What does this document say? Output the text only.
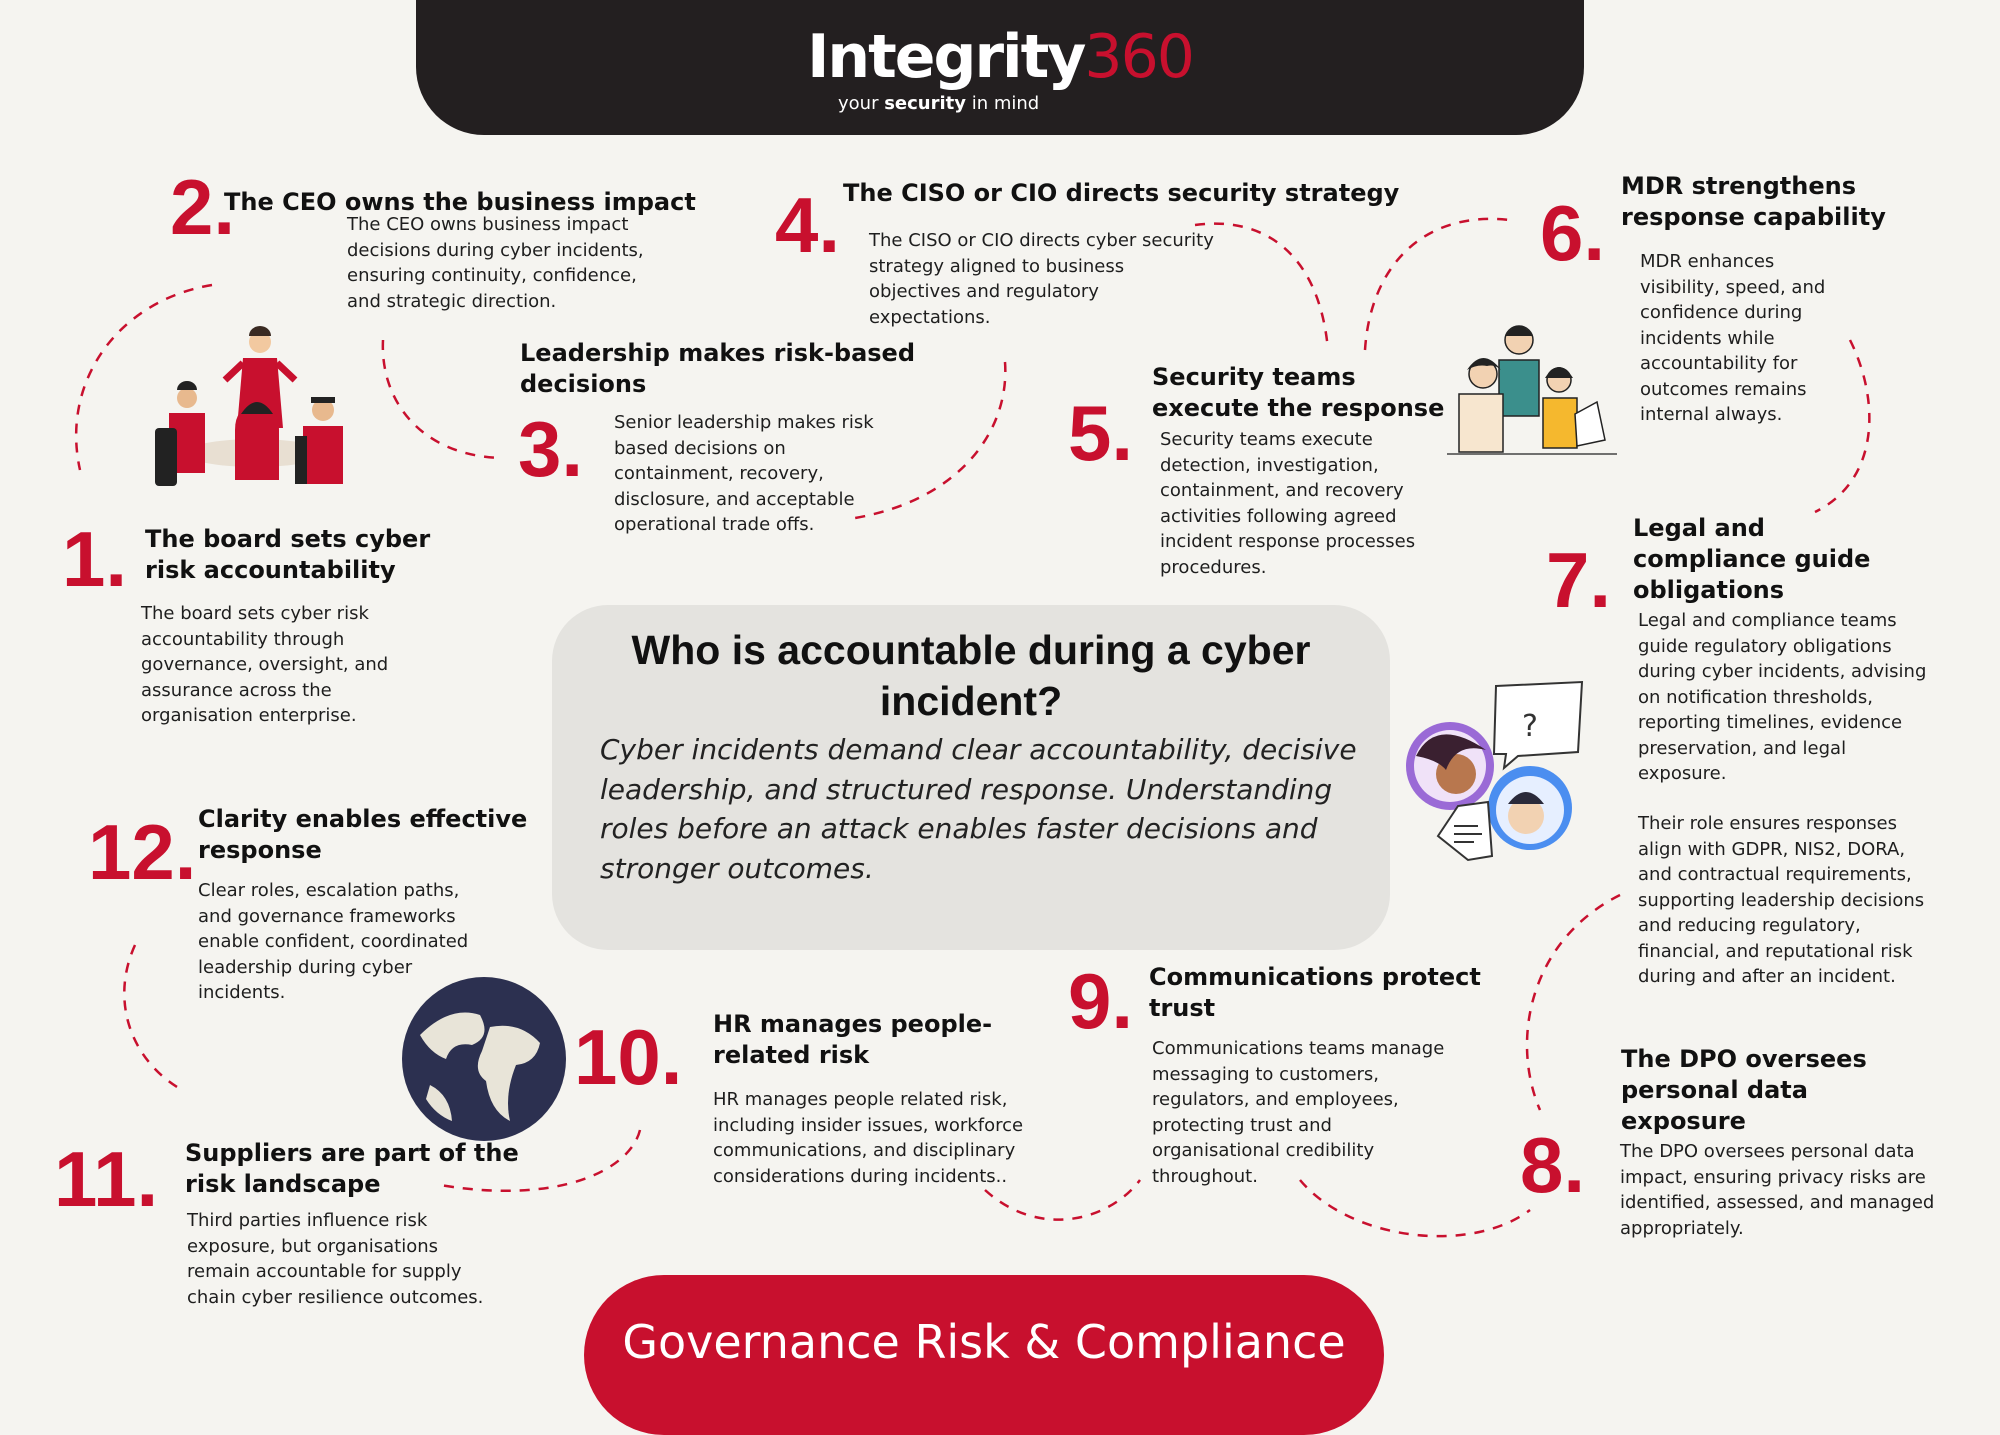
Integrity360
your security in mind
1. The board sets cyber risk accountability
The board sets cyber risk accountability through governance, oversight, and assurance across the organisation enterprise.
2.
The CEO owns the business impact
The CEO owns business impact decisions during cyber incidents, ensuring continuity, confidence, and strategic direction.
3.
Leadership makes risk-based decisions
Senior leadership makes risk based decisions on containment, recovery, disclosure, and acceptable operational trade offs.
4. The CISO or CIO directs security strategy
The CISO or CIO directs cyber security strategy aligned to business objectives and regulatory expectations.
5.
Security teams execute the response
Security teams execute detection, investigation, containment, and recovery activities following agreed incident response processes procedures.
6.
MDR strengthens response capability
MDR enhances visibility, speed, and confidence during incidents while accountability for outcomes remains internal always.
7.
Legal and compliance guide obligations
Legal and compliance teams guide regulatory obligations during cyber incidents, advising on notification thresholds, reporting timelines, evidence preservation, and legal exposure.
Their role ensures responses align with GDPR, NIS2, DORA, and contractual requirements, supporting leadership decisions and reducing regulatory, financial, and reputational risk during and after an incident.
8.
The DPO oversees personal data exposure
The DPO oversees personal data impact, ensuring privacy risks are identified, assessed, and managed appropriately.
9. Communications protect trust
Communications teams manage messaging to customers, regulators, and employees, protecting trust and organisational credibility throughout.
10. HR manages people-related risk
HR manages people related risk, including insider issues, workforce communications, and disciplinary considerations during incidents..
11. Suppliers are part of the risk landscape
Third parties influence risk exposure, but organisations remain accountable for supply chain cyber resilience outcomes.
12. Clarity enables effective response
Clear roles, escalation paths, and governance frameworks enable confident, coordinated leadership during cyber incidents.
Who is accountable during a cyber incident?
Cyber incidents demand clear accountability, decisive leadership, and structured response. Understanding roles before an attack enables faster decisions and stronger outcomes.
?
Governance Risk & Compliance
